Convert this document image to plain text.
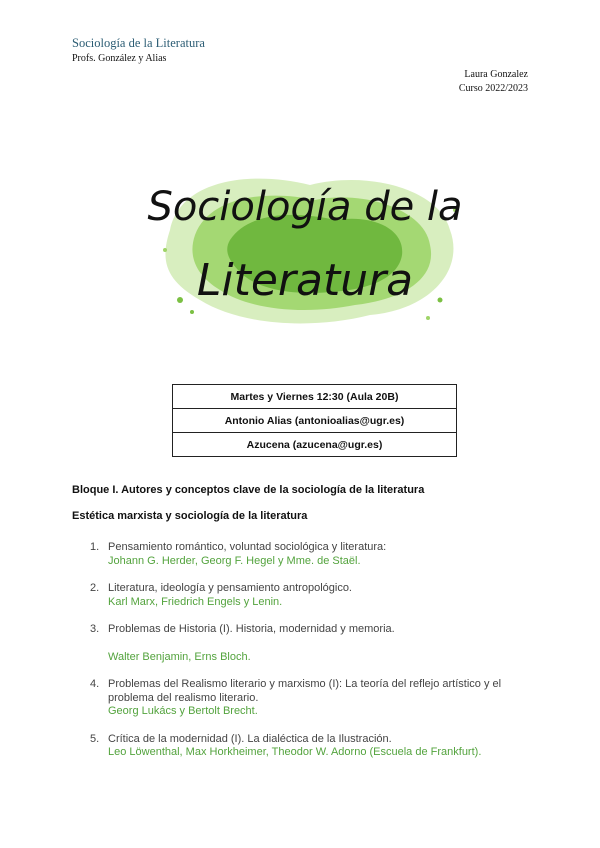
Sociología de la Literatura
Profs. González y Alias
Laura Gonzalez
Curso 2022/2023
Sociología de la
Literatura
Martes y Viernes 12:30 (Aula 20B)
Antonio Alias (antonioalias@ugr.es)
Azucena (azucena@ugr.es)
Bloque I. Autores y conceptos clave de la sociología de la literatura
Estética marxista y sociología de la literatura
1. Pensamiento romántico, voluntad sociológica y literatura:
Johann G. Herder, Georg F. Hegel y Mme. de Staël.
2. Literatura, ideología y pensamiento antropológico.
Karl Marx, Friedrich Engels y Lenin.
3. Problemas de Historia (I). Historia, modernidad y memoria.
Walter Benjamin, Erns Bloch.
4. Problemas del Realismo literario y marxismo (I): La teoría del reflejo artístico y el problema del realismo literario.
Georg Lukács y Bertolt Brecht.
5. Crítica de la modernidad (I). La dialéctica de la Ilustración.
Leo Löwenthal, Max Horkheimer, Theodor W. Adorno (Escuela de Frankfurt).
